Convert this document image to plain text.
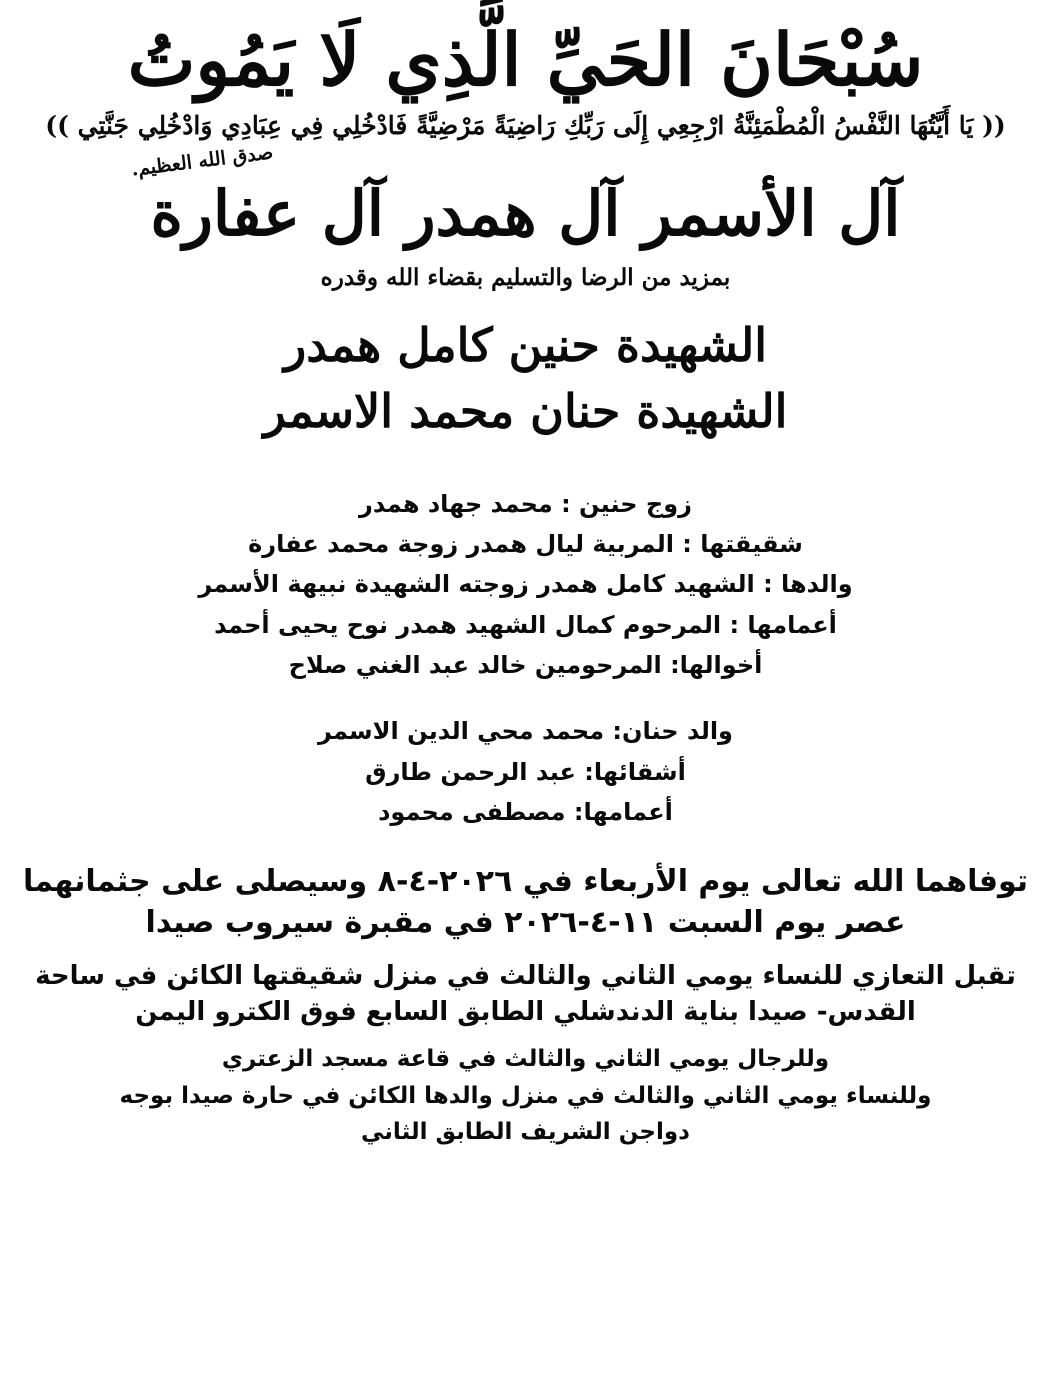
سُبْحَانَ الحَيِّ الَّذِي لَا يَمُوتُ
(( يَا أَيَّتُهَا النَّفْسُ الْمُطْمَئِنَّةُ ارْجِعِي إِلَى رَبِّكِ رَاضِيَةً مَرْضِيَّةً فَادْخُلِي فِي عِبَادِي وَادْخُلِي جَنَّتِي ))
صدق الله العظيم.
آل الأسمر آل همدر آل عفارة
بمزيد من الرضا والتسليم بقضاء الله وقدره
الشهيدة حنين كامل همدر
الشهيدة حنان محمد الاسمر
زوج حنين : محمد جهاد همدر
شقيقتها : المربية ليال همدر زوجة محمد عفارة
والدها : الشهيد كامل همدر زوجته الشهيدة نبيهة الأسمر
أعمامها : المرحوم كمال الشهيد همدر نوح يحيى أحمد
أخوالها: المرحومين خالد عبد الغني صلاح
والد حنان: محمد محي الدين الاسمر
أشقائها: عبد الرحمن طارق
أعمامها: مصطفى محمود
توفاهما الله تعالى يوم الأربعاء في ٢٠٢٦-٤-٨ وسيصلى على جثمانهما
عصر يوم السبت ١١-٤-٢٠٢٦ في مقبرة سيروب صيدا
تقبل التعازي للنساء يومي الثاني والثالث في منزل شقيقتها الكائن في ساحة القدس- صيدا بناية الدندشلي الطابق السابع فوق الكترو اليمن
وللرجال يومي الثاني والثالث في قاعة مسجد الزعتري
وللنساء يومي الثاني والثالث في منزل والدها الكائن في حارة صيدا بوجه
دواجن الشريف الطابق الثاني
